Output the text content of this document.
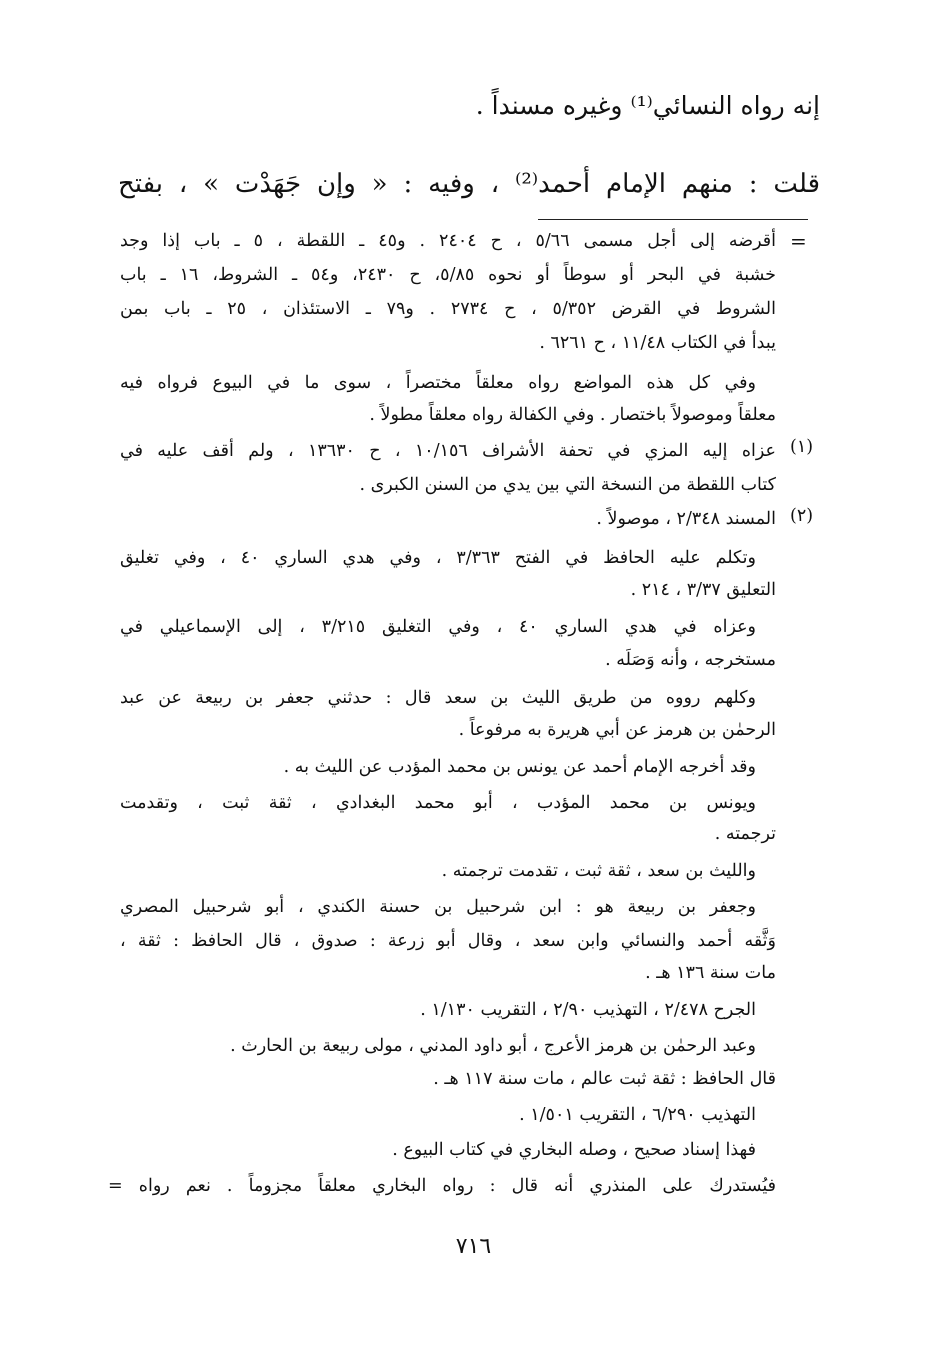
إنه رواه النسائي⁽¹⁾ وغيره مسنداً .
قلت : منهم الإمام أحمد⁽²⁾ ، وفيه : « وإن جَهَدْت » ، بفتح
=
أقرضه إلى أجل مسمى ٥/٦٦ ، ح ٢٤٠٤ . و٤٥ ـ اللقطة ، ٥ ـ باب إذا وجد
خشبة في البحر أو سوطاً أو نحوه ٥/٨٥، ح ٢٤٣٠، و٥٤ ـ الشروط، ١٦ ـ باب
الشروط في القرض ٥/٣٥٢ ، ح ٢٧٣٤ . و٧٩ ـ الاستئذان ، ٢٥ ـ باب بمن
يبدأ في الكتاب ١١/٤٨ ، ح ٦٢٦١ .
وفي كل هذه المواضع رواه معلقاً مختصراً ، سوى ما في البيوع فرواه فيه
معلقاً وموصولاً باختصار . وفي الكفالة رواه معلقاً مطولاً .
(١)
عزاه إليه المزي في تحفة الأشراف ١٠/١٥٦ ، ح ١٣٦٣٠ ، ولم أقف عليه في
كتاب اللقطة من النسخة التي بين يدي من السنن الكبرى .
(٢)
المسند ٢/٣٤٨ ، موصولاً .
وتكلم عليه الحافظ في الفتح ٣/٣٦٣ ، وفي هدي الساري ٤٠ ، وفي تغليق
التعليق ٣/٣٧ ، ٢١٤ .
وعزاه في هدي الساري ٤٠ ، وفي التغليق ٣/٢١٥ ، إلى الإسماعيلي في
مستخرجه ، وأنه وَصَلَه .
وكلهم رووه من طريق الليث بن سعد قال : حدثني جعفر بن ربيعة عن عبد
الرحمٰن بن هرمز عن أبي هريرة به مرفوعاً .
وقد أخرجه الإمام أحمد عن يونس بن محمد المؤدب عن الليث به .
ويونس بن محمد المؤدب ، أبو محمد البغدادي ، ثقة ثبت ، وتقدمت
ترجمته .
والليث بن سعد ، ثقة ثبت ، تقدمت ترجمته .
وجعفر بن ربيعة هو : ابن شرحبيل بن حسنة الكندي ، أبو شرحبيل المصري
وَثَّقه أحمد والنسائي وابن سعد ، وقال أبو زرعة : صدوق ، قال الحافظ : ثقة ،
مات سنة ١٣٦ هـ .
الجرح ٢/٤٧٨ ، التهذيب ٢/٩٠ ، التقريب ١/١٣٠ .
وعبد الرحمٰن بن هرمز الأعرج ، أبو داود المدني ، مولى ربيعة بن الحارث .
قال الحافظ : ثقة ثبت عالم ، مات سنة ١١٧ هـ .
التهذيب ٦/٢٩٠ ، التقريب ١/٥٠١ .
فهذا إسناد صحيح ، وصله البخاري في كتاب البيوع .
فيُستدرك على المنذري أنه قال : رواه البخاري معلقاً مجزوماً . نعم رواه =
٧١٦
